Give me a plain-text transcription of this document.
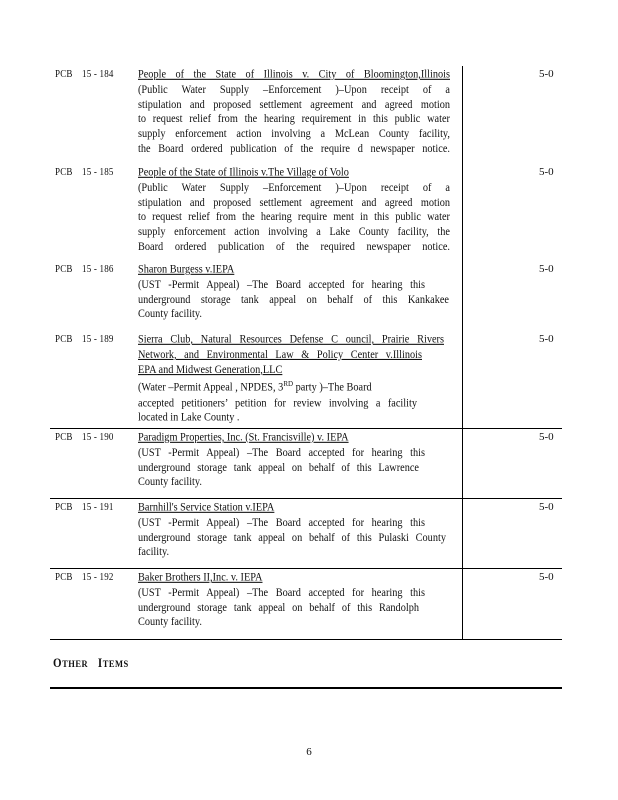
PCB 15 - 184 People of the State of Illinois v. City of Bloomington,Illinois
(Public Water Supply –Enforcement )–Upon receipt of a
stipulation and proposed settlement agreement and agreed motion
to request relief from the hearing requirement in this public water
supply enforcement action involving a McLean County facility,
the Board ordered publication of the require d newspaper notice.
5-0
PCB 15 - 185 People of the State of Illinois v.The Village of Volo
(Public Water Supply –Enforcement )–Upon receipt of a
stipulation and proposed settlement agreement and agreed motion
to request relief from the hearing require ment in this public water
supply enforcement action involving a Lake County facility, the
Board ordered publication of the required newspaper notice.
5-0
PCB 15 - 186 Sharon Burgess v.IEPA
(UST -Permit Appeal) –The Board accepted for hearing this
underground storage tank appeal on behalf of this Kankakee
County facility.
5-0
PCB 15 - 189 Sierra Club, Natural Resources Defense C ouncil, Prairie Rivers
Network, and Environmental Law & Policy Center v.Illinois
EPA and Midwest Generation,LLC
(Water –Permit Appeal , NPDES, 3RD party )–The Board
accepted petitioners’ petition for review involving a facility
located in Lake County .
5-0
PCB 15 - 190 Paradigm Properties, Inc. (St. Francisville) v. IEPA
(UST -Permit Appeal) –The Board accepted for hearing this
underground storage tank appeal on behalf of this Lawrence
County facility.
5-0
PCB 15 - 191 Barnhill's Service Station v.IEPA
(UST -Permit Appeal) –The Board accepted for hearing this
underground storage tank appeal on behalf of this Pulaski County
facility.
5-0
PCB 15 - 192 Baker Brothers II,Inc. v. IEPA
(UST -Permit Appeal) –The Board accepted for hearing this
underground storage tank appeal on behalf of this Randolph
County facility.
5-0
OTHER ITEMS
6
